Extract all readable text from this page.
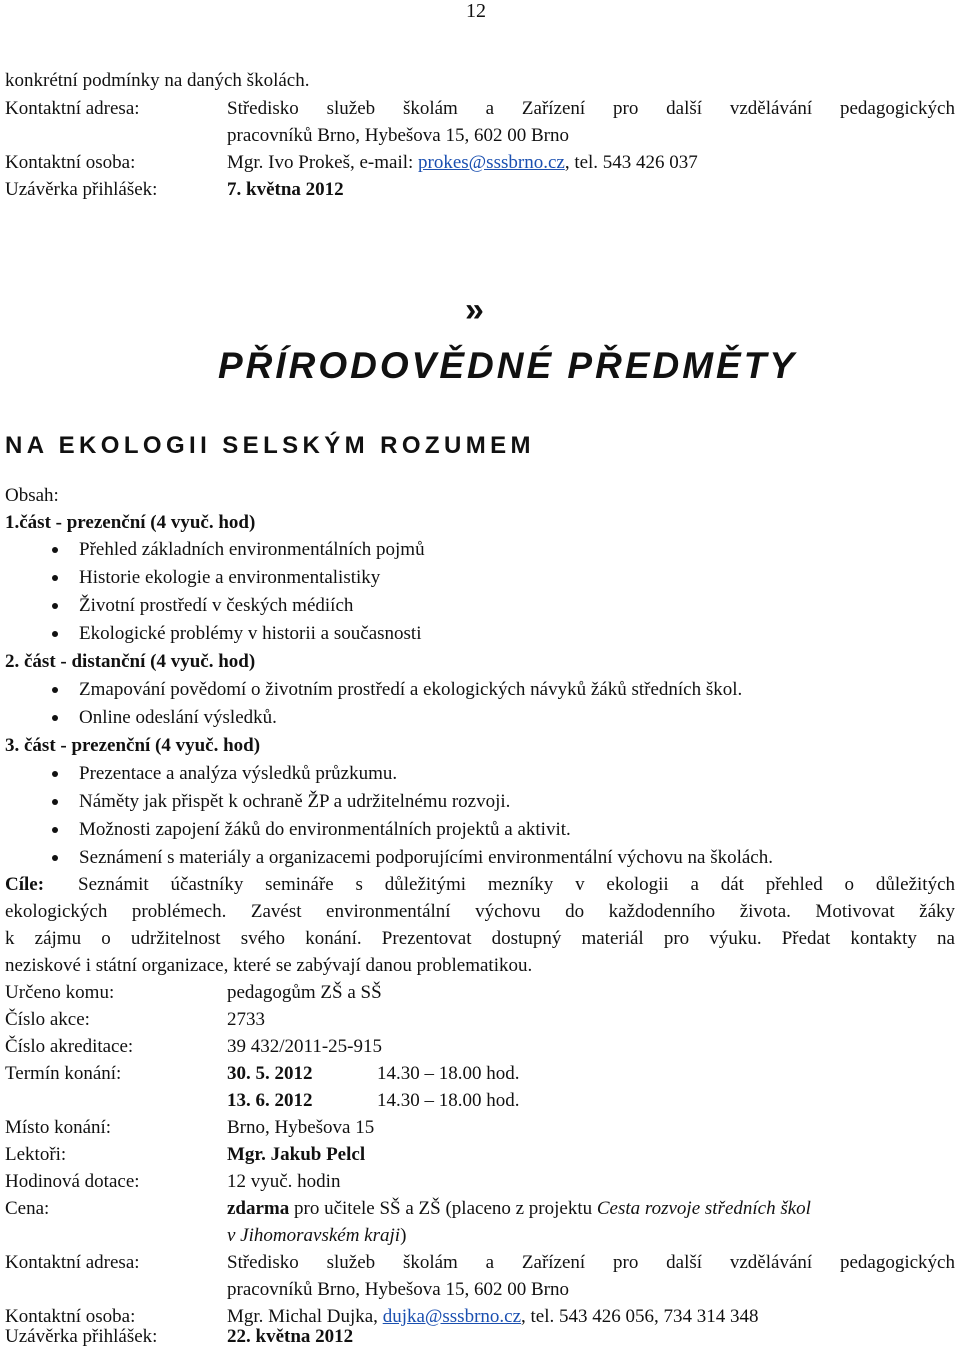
12
konkrétní podmínky na daných školách.
Kontaktní adresa:	Středisko služeb školám a Zařízení pro další vzdělávání pedagogických
pracovníků Brno, Hybešova 15, 602 00 Brno
Kontaktní osoba:	Mgr. Ivo Prokeš, e-mail: prokes@sssbrno.cz, tel. 543 426 037
Uzávěrka přihlášek:	7. května 2012
»
PŘÍRODOVĚDNÉ PŘEDMĚTY
NA EKOLOGII SELSKÝM ROZUMEM
Obsah:
1.část - prezenční (4 vyuč. hod)
Přehled základních environmentálních pojmů
Historie ekologie a environmentalistiky
Životní prostředí v českých médiích
Ekologické problémy v historii a současnosti
2. část - distanční (4 vyuč. hod)
Zmapování povědomí o životním prostředí a ekologických návyků žáků středních škol.
Online odeslání výsledků.
3. část - prezenční (4 vyuč. hod)
Prezentace a analýza výsledků průzkumu.
Náměty jak přispět k ochraně ŽP a udržitelnému rozvoji.
Možnosti zapojení žáků do environmentálních projektů a aktivit.
Seznámení s materiály a organizacemi podporujícími environmentální výchovu na školách.
Cíle: Seznámit účastníky semináře s důležitými mezníky v ekologii a dát přehled o důležitých
ekologických problémech. Zavést environmentální výchovu do každodenního života. Motivovat žáky
k zájmu o udržitelnost svého konání. Prezentovat dostupný materiál pro výuku. Předat kontakty na
neziskové i státní organizace, které se zabývají danou problematikou.
Určeno komu:	pedagogům ZŠ a SŠ
Číslo akce:	2733
Číslo akreditace:	39 432/2011-25-915
Termín konání:	30. 5. 2012	14.30 – 18.00 hod.
13. 6. 2012	14.30 – 18.00 hod.
Místo konání:	Brno, Hybešova 15
Lektoři:	Mgr. Jakub Pelcl
Hodinová dotace:	12 vyuč. hodin
Cena:	zdarma pro učitele SŠ a ZŠ (placeno z projektu Cesta rozvoje středních škol
v Jihomoravském kraji)
Kontaktní adresa:	Středisko služeb školám a Zařízení pro další vzdělávání pedagogických
pracovníků Brno, Hybešova 15, 602 00 Brno
Kontaktní osoba:	Mgr. Michal Dujka, dujka@sssbrno.cz, tel. 543 426 056, 734 314 348
Uzávěrka přihlášek:	22. května 2012
